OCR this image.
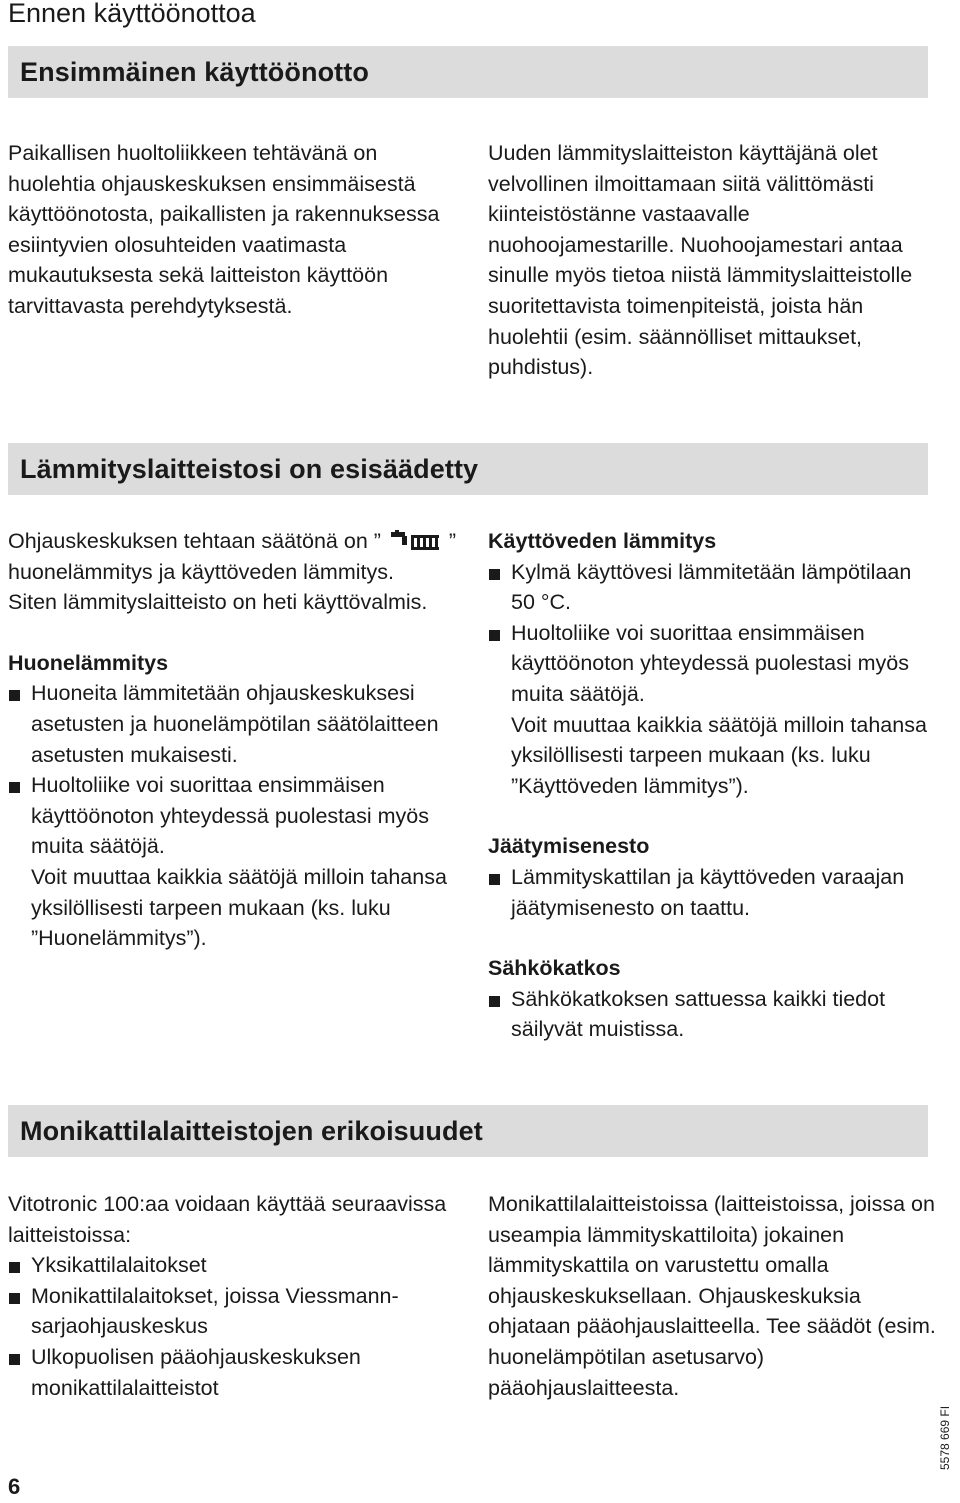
Ennen käyttöönottoa
Ensimmäinen käyttöönotto

Paikallisen huoltoliikkeen tehtävänä on huolehtia ohjauskeskuksen ensimmäisestä käyttöönotosta, paikallisten ja rakennuksessa esiintyvien olosuhteiden vaatimasta mukautuksesta sekä laitteiston käyttöön tarvittavasta perehdytyksestä.

Uuden lämmityslaitteiston käyttäjänä olet velvollinen ilmoittamaan siitä välittömästi kiinteistöstänne vastaavalle nuohoojamestarille. Nuohoojamestari antaa sinulle myös tietoa niistä lämmityslaitteistolle suoritettavista toimenpiteistä, joista hän huolehtii (esim. säännölliset mittaukset, puhdistus).

Lämmityslaitteistosi on esisäädetty

Ohjauskeskuksen tehtaan säätönä on ”	” huonelämmitys ja käyttöveden lämmitys.

Siten lämmityslaitteisto on heti käyttövalmis.

Huonelämmitys
Huoneita lämmitetään ohjauskeskuksesi asetusten ja huonelämpötilan säätölaitteen asetusten mukaisesti.
Huoltoliike voi suorittaa ensimmäisen käyttöönoton yhteydessä puolestasi myös muita säätöjä.
Voit muuttaa kaikkia säätöjä milloin tahansa yksilöllisesti tarpeen mukaan (ks. luku ”Huonelämmitys”).
Käyttöveden lämmitys
Kylmä käyttövesi lämmitetään lämpötilaan 50 °C.
Huoltoliike voi suorittaa ensimmäisen käyttöönoton yhteydessä puolestasi myös muita säätöjä.
Voit muuttaa kaikkia säätöjä milloin tahansa yksilöllisesti tarpeen mukaan (ks. luku ”Käyttöveden lämmitys”).
Jäätymisenesto
Lämmityskattilan ja käyttöveden varaajan jäätymisenesto on taattu.
Sähkökatkos
Sähkökatkoksen sattuessa kaikki tiedot säilyvät muistissa.
Monikattilalaitteistojen erikoisuudet

Vitotronic 100:aa voidaan käyttää seuraavissa laitteistoissa:

Yksikattilalaitokset
Monikattilalaitokset, joissa Viessmann-sarjaohjauskeskus
Ulkopuolisen pääohjauskeskuksen monikattilalaitteistot

Monikattilalaitteistoissa (laitteistoissa, joissa on useampia lämmityskattiloita) jokainen lämmityskattila on varustettu omalla ohjauskeskuksellaan. Ohjauskeskuksia ohjataan pääohjauslaitteella. Tee säädöt (esim. huonelämpötilan asetusarvo) pääohjauslaitteesta.

6
5578 669 FI
